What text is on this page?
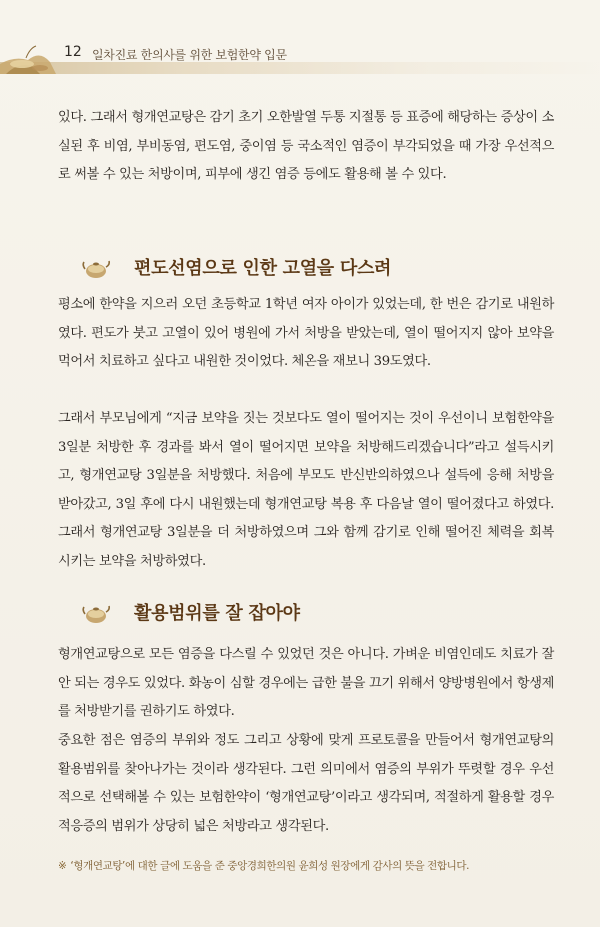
12 일차진료 한의사를 위한 보험한약 입문

있다. 그래서 형개연교탕은 감기 초기 오한발열 두통 지절통 등 표증에 해당하는 증상이 소실된 후 비염, 부비동염, 편도염, 중이염 등 국소적인 염증이 부각되었을 때 가장 우선적으로 써볼 수 있는 처방이며, 피부에 생긴 염증 등에도 활용해 볼 수 있다.

편도선염으로 인한 고열을 다스려

평소에 한약을 지으러 오던 초등학교 1학년 여자 아이가 있었는데, 한 번은 감기로 내원하였다. 편도가 붓고 고열이 있어 병원에 가서 처방을 받았는데, 열이 떨어지지 않아 보약을 먹어서 치료하고 싶다고 내원한 것이었다. 체온을 재보니 39도였다.

그래서 부모님에게 “지금 보약을 짓는 것보다도 열이 떨어지는 것이 우선이니 보험한약을 3일분 처방한 후 경과를 봐서 열이 떨어지면 보약을 처방해드리겠습니다”라고 설득시키고, 형개연교탕 3일분을 처방했다. 처음에 부모도 반신반의하였으나 설득에 응해 처방을 받아갔고, 3일 후에 다시 내원했는데 형개연교탕 복용 후 다음날 열이 떨어졌다고 하였다. 그래서 형개연교탕 3일분을 더 처방하였으며 그와 함께 감기로 인해 떨어진 체력을 회복시키는 보약을 처방하였다.

활용범위를 잘 잡아야

형개연교탕으로 모든 염증을 다스릴 수 있었던 것은 아니다. 가벼운 비염인데도 치료가 잘 안 되는 경우도 있었다. 화농이 심할 경우에는 급한 불을 끄기 위해서 양방병원에서 항생제를 처방받기를 권하기도 하였다.

중요한 점은 염증의 부위와 정도 그리고 상황에 맞게 프로토콜을 만들어서 형개연교탕의 활용범위를 찾아나가는 것이라 생각된다. 그런 의미에서 염증의 부위가 뚜렷할 경우 우선적으로 선택해볼 수 있는 보험한약이 ‘형개연교탕’이라고 생각되며, 적절하게 활용할 경우 적응증의 범위가 상당히 넓은 처방라고 생각된다.

※ ‘형개연교탕’에 대한 글에 도움을 준 중앙경희한의원 윤희성 원장에게 감사의 뜻을 전합니다.
